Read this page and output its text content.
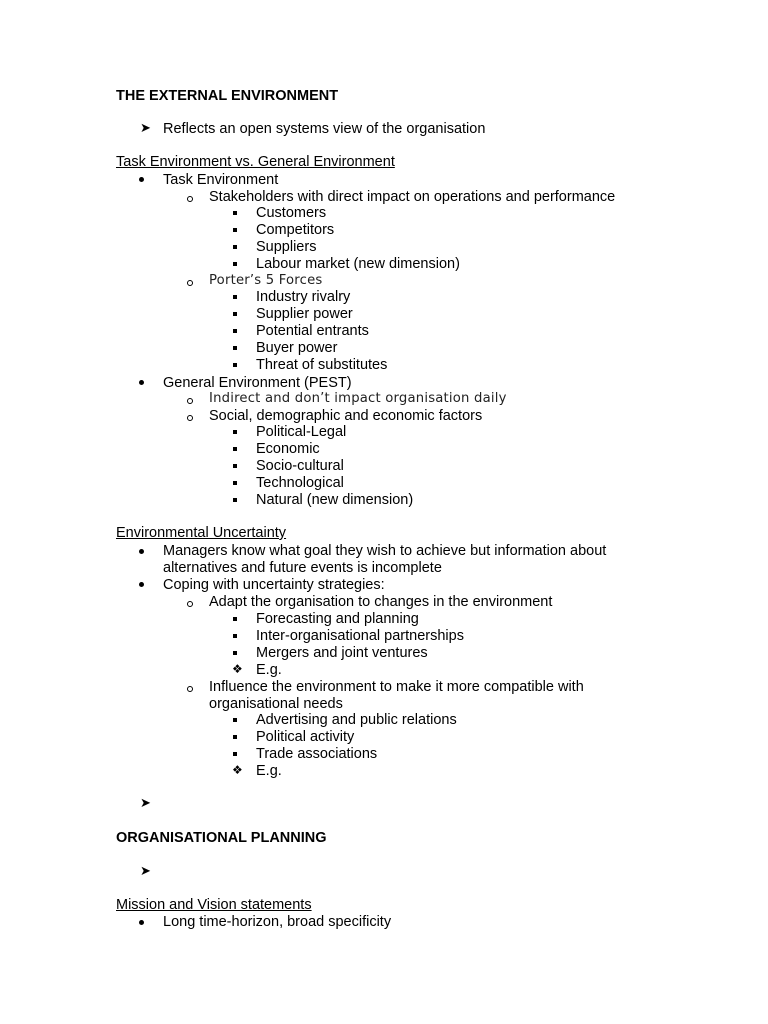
THE EXTERNAL ENVIRONMENT
➤ Reflects an open systems view of the organisation
Task Environment vs. General Environment
Task Environment
Stakeholders with direct impact on operations and performance
Customers
Competitors
Suppliers
Labour market (new dimension)
Porter’s 5 Forces
Industry rivalry
Supplier power
Potential entrants
Buyer power
Threat of substitutes
General Environment (PEST)
Indirect and don’t impact organisation daily
Social, demographic and economic factors
Political-Legal
Economic
Socio-cultural
Technological
Natural (new dimension)
Environmental Uncertainty
Managers know what goal they wish to achieve but information about
alternatives and future events is incomplete
Coping with uncertainty strategies:
Adapt the organisation to changes in the environment
Forecasting and planning
Inter-organisational partnerships
Mergers and joint ventures
❖ E.g.
Influence the environment to make it more compatible with
organisational needs
Advertising and public relations
Political activity
Trade associations
❖ E.g.
➤
ORGANISATIONAL PLANNING
➤
Mission and Vision statements
Long time-horizon, broad specificity
